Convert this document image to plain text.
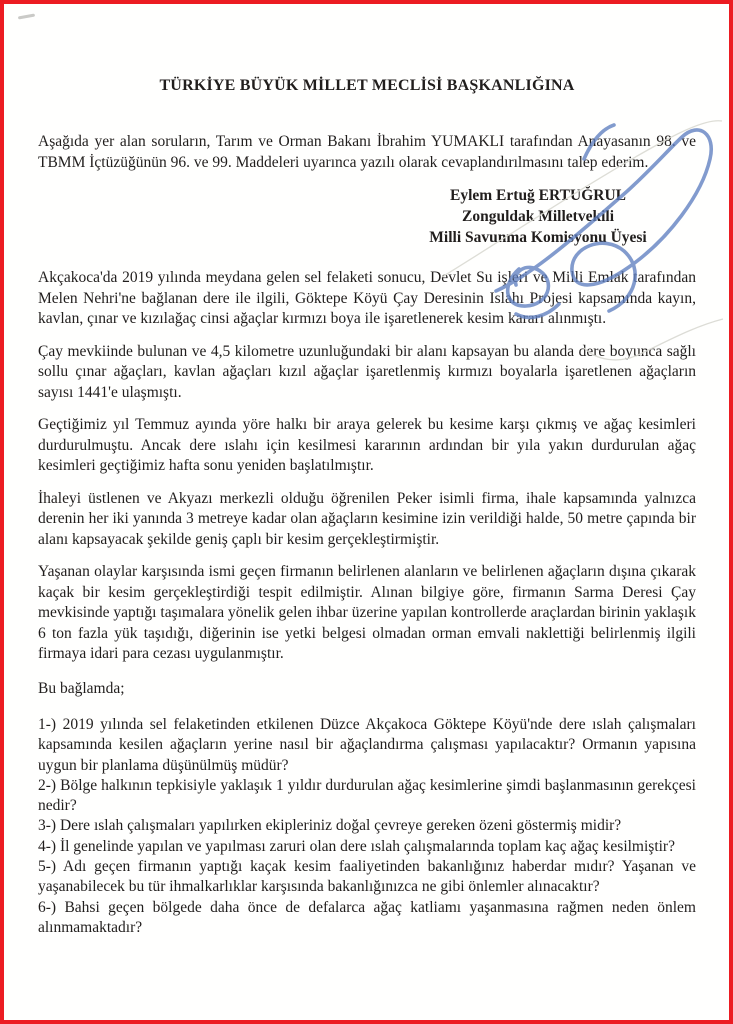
TÜRKİYE BÜYÜK MİLLET MECLİSİ BAŞKANLIĞINA

Aşağıda yer alan soruların, Tarım ve Orman Bakanı İbrahim YUMAKLI tarafından Anayasanın 98. ve TBMM İçtüzüğünün 96. ve 99. Maddeleri uyarınca yazılı olarak cevaplandırılmasını talep ederim.

Eylem Ertuğ ERTUĞRUL
Zonguldak Milletvekili
Milli Savunma Komisyonu Üyesi

Akçakoca'da 2019 yılında meydana gelen sel felaketi sonucu, Devlet Su işleri ve Milli Emlak tarafından Melen Nehri'ne bağlanan dere ile ilgili, Göktepe Köyü Çay Deresinin Islahı Projesi kapsamında kayın, kavlan, çınar ve kızılağaç cinsi ağaçlar kırmızı boya ile işaretlenerek kesim kararı alınmıştı.

Çay mevkiinde bulunan ve 4,5 kilometre uzunluğundaki bir alanı kapsayan bu alanda dere boyunca sağlı sollu çınar ağaçları, kavlan ağaçları kızıl ağaçlar işaretlenmiş kırmızı boyalarla işaretlenen ağaçların sayısı 1441'e ulaşmıştı.

Geçtiğimiz yıl Temmuz ayında yöre halkı bir araya gelerek bu kesime karşı çıkmış ve ağaç kesimleri durdurulmuştu. Ancak dere ıslahı için kesilmesi kararının ardından bir yıla yakın durdurulan ağaç kesimleri geçtiğimiz hafta sonu yeniden başlatılmıştır.

İhaleyi üstlenen ve Akyazı merkezli olduğu öğrenilen Peker isimli firma, ihale kapsamında yalnızca derenin her iki yanında 3 metreye kadar olan ağaçların kesimine izin verildiği halde, 50 metre çapında bir alanı kapsayacak şekilde geniş çaplı bir kesim gerçekleştirmiştir.

Yaşanan olaylar karşısında ismi geçen firmanın belirlenen alanların ve belirlenen ağaçların dışına çıkarak kaçak bir kesim gerçekleştirdiği tespit edilmiştir. Alınan bilgiye göre, firmanın Sarma Deresi Çay mevkisinde yaptığı taşımalara yönelik gelen ihbar üzerine yapılan kontrollerde araçlardan birinin yaklaşık 6 ton fazla yük taşıdığı, diğerinin ise yetki belgesi olmadan orman emvali naklettiği belirlenmiş ilgili firmaya idari para cezası uygulanmıştır.

Bu bağlamda;

1-) 2019 yılında sel felaketinden etkilenen Düzce Akçakoca Göktepe Köyü'nde dere ıslah çalışmaları kapsamında kesilen ağaçların yerine nasıl bir ağaçlandırma çalışması yapılacaktır? Ormanın yapısına uygun bir planlama düşünülmüş müdür?
2-) Bölge halkının tepkisiyle yaklaşık 1 yıldır durdurulan ağaç kesimlerine şimdi başlanmasının gerekçesi nedir?
3-) Dere ıslah çalışmaları yapılırken ekipleriniz doğal çevreye gereken özeni göstermiş midir?
4-) İl genelinde yapılan ve yapılması zaruri olan dere ıslah çalışmalarında toplam kaç ağaç kesilmiştir?
5-) Adı geçen firmanın yaptığı kaçak kesim faaliyetinden bakanlığınız haberdar mıdır? Yaşanan ve yaşanabilecek bu tür ihmalkarlıklar karşısında bakanlığınızca ne gibi önlemler alınacaktır?
6-) Bahsi geçen bölgede daha önce de defalarca ağaç katliamı yaşanmasına rağmen neden önlem alınmamaktadır?
